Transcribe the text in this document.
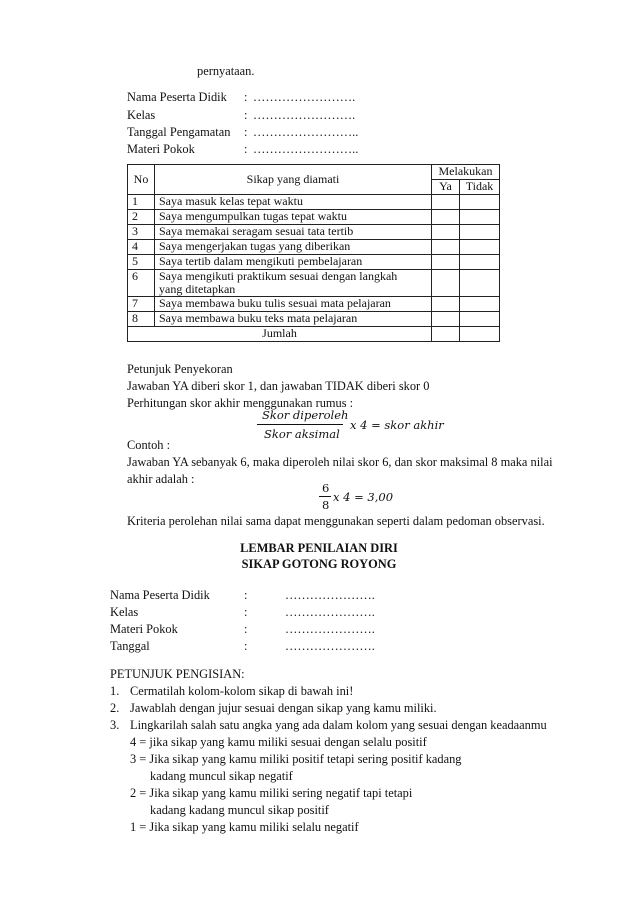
pernyataan.
Nama Peserta Didik : …………………….
Kelas	: …………………….
Tanggal Pengamatan : ……………………..
Materi Pokok	: ……………………..
No	Sikap yang diamati	Melakukan	
		Ya	Tidak
1	Saya masuk kelas tepat waktu		
2	Saya mengumpulkan tugas tepat waktu		
3	Saya memakai seragam sesuai tata tertib		
4	Saya mengerjakan tugas yang diberikan		
5	Saya tertib dalam mengikuti pembelajaran		
6	Saya mengikuti praktikum sesuai dengan langkah
yang ditetapkan		
7	Saya membawa buku tulis sesuai mata pelajaran		
8	Saya membawa buku teks mata pelajaran		
Jumlah			
Petunjuk Penyekoran
Jawaban YA diberi skor 1, dan jawaban TIDAK diberi skor 0
Perhitungan skor akhir menggunakan rumus :
Skor diperoleh
Skor aksimal
x 4 = skor akhir
Contoh :
Jawaban YA sebanyak 6, maka diperoleh nilai skor 6, dan skor maksimal 8 maka nilai
akhir adalah :
6
8
x 4 = 3,00
Kriteria perolehan nilai sama dapat menggunakan seperti dalam pedoman observasi.
LEMBAR PENILAIAN DIRI
SIKAP GOTONG ROYONG
Nama Peserta Didik	:	………………….
Kelas	:	………………….
Materi Pokok	:	………………….
Tanggal	:	………………….
PETUNJUK PENGISIAN:
1. Cermatilah kolom-kolom sikap di bawah ini!
2. Jawablah dengan jujur sesuai dengan sikap yang kamu miliki.
3. Lingkarilah salah satu angka yang ada dalam kolom yang sesuai dengan keadaanmu
4 = jika sikap yang kamu miliki sesuai dengan selalu positif
3 = Jika sikap yang kamu miliki positif tetapi sering positif kadang
kadang muncul sikap negatif
2 = Jika sikap yang kamu miliki sering negatif tapi tetapi
kadang kadang muncul sikap positif
1 = Jika sikap yang kamu miliki selalu negatif
